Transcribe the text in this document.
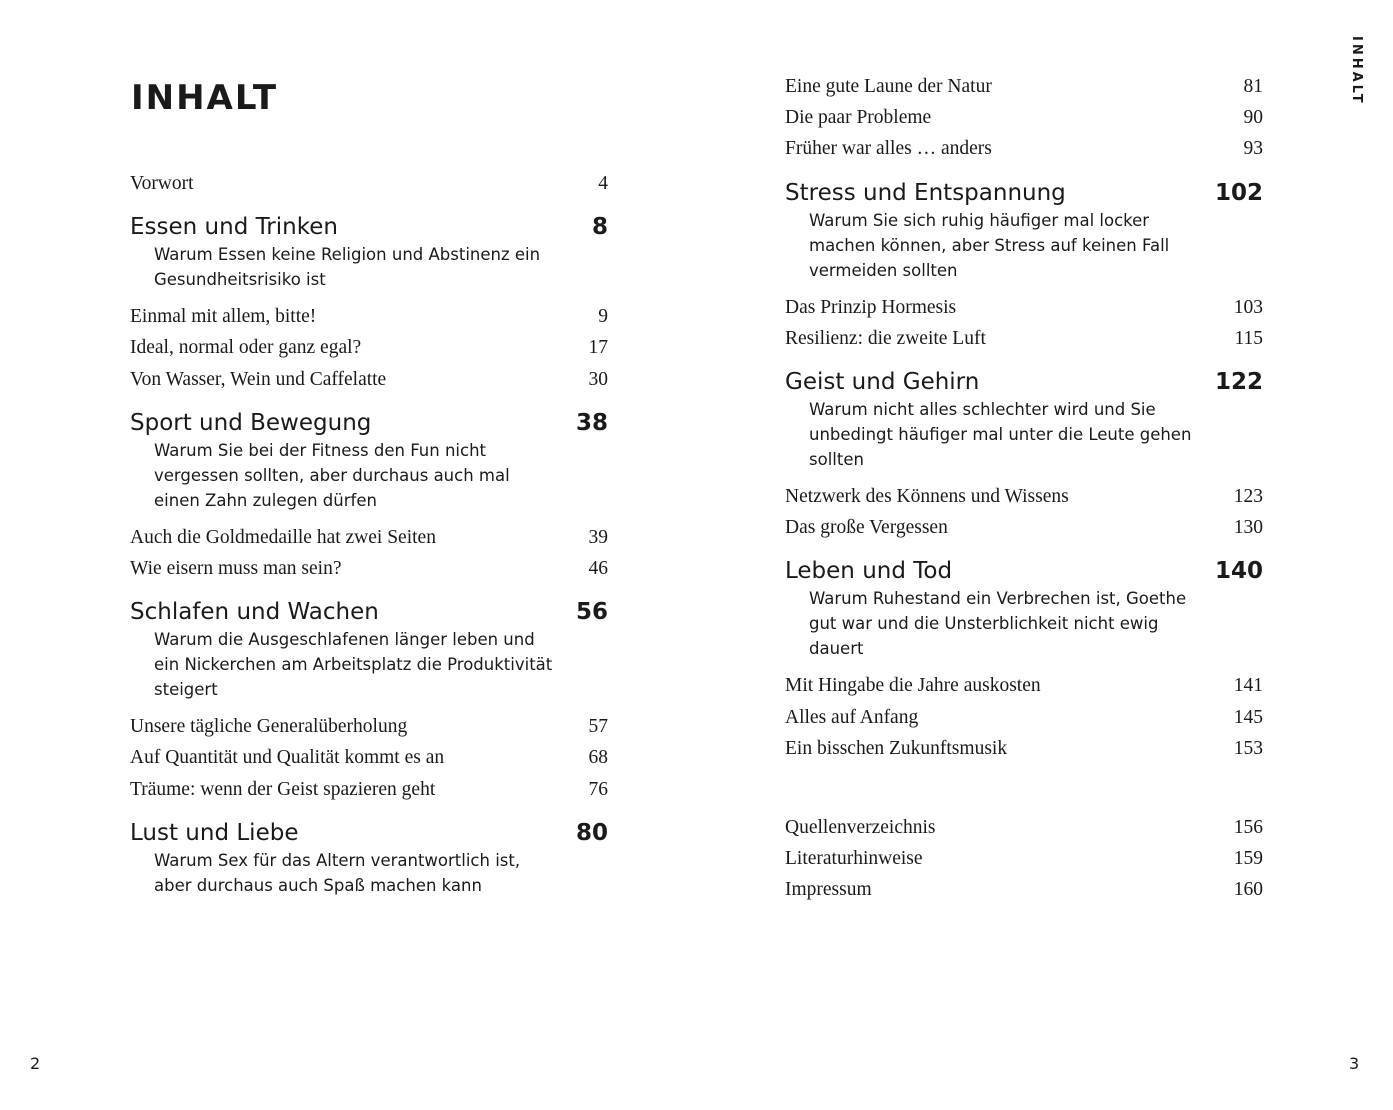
INHALT
Vorwort	4
Essen und Trinken	8
Warum Essen keine Religion und Abstinenz ein Gesundheitsrisiko ist
Einmal mit allem, bitte!	9
Ideal, normal oder ganz egal?	17
Von Wasser, Wein und Caffelatte	30
Sport und Bewegung	38
Warum Sie bei der Fitness den Fun nicht vergessen sollten, aber durchaus auch mal einen Zahn zulegen dürfen
Auch die Goldmedaille hat zwei Seiten	39
Wie eisern muss man sein?	46
Schlafen und Wachen	56
Warum die Ausgeschlafenen länger leben und ein Nickerchen am Arbeitsplatz die Produktivität steigert
Unsere tägliche Generalüberholung	57
Auf Quantität und Qualität kommt es an	68
Träume: wenn der Geist spazieren geht	76
Lust und Liebe	80
Warum Sex für das Altern verantwortlich ist, aber durchaus auch Spaß machen kann
2
INHALT
Eine gute Laune der Natur	81
Die paar Probleme	90
Früher war alles … anders	93
Stress und Entspannung	102
Warum Sie sich ruhig häufiger mal locker machen können, aber Stress auf keinen Fall vermeiden sollten
Das Prinzip Hormesis	103
Resilienz: die zweite Luft	115
Geist und Gehirn	122
Warum nicht alles schlechter wird und Sie unbedingt häufiger mal unter die Leute gehen sollten
Netzwerk des Könnens und Wissens	123
Das große Vergessen	130
Leben und Tod	140
Warum Ruhestand ein Verbrechen ist, Goethe gut war und die Unsterblichkeit nicht ewig dauert
Mit Hingabe die Jahre auskosten	141
Alles auf Anfang	145
Ein bisschen Zukunftsmusik	153
Quellenverzeichnis	156
Literaturhinweise	159
Impressum	160
3
